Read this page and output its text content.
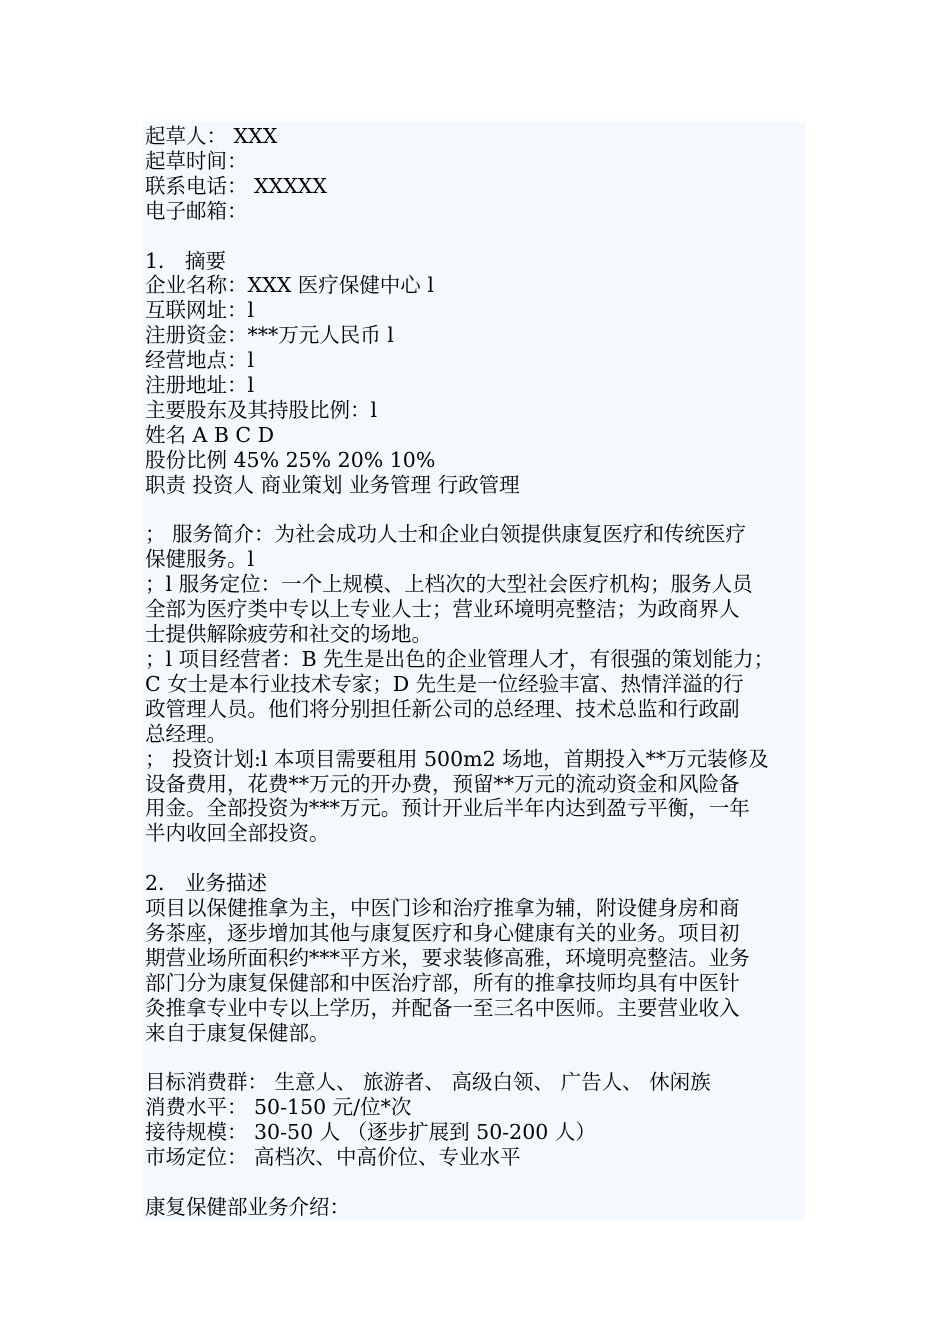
起草人： XXX
起草时间：
联系电话： XXXXX
电子邮箱：
1． 摘要
企业名称：XXX 医疗保健中心 l
互联网址：l
注册资金：***万元人民币 l
经营地点：l
注册地址：l
主要股东及其持股比例：l
姓名 A B C D
股份比例 45% 25% 20% 10%
职责 投资人 商业策划 业务管理 行政管理
； 服务简介：为社会成功人士和企业白领提供康复医疗和传统医疗
保健服务。l
；l 服务定位：一个上规模、上档次的大型社会医疗机构；服务人员
全部为医疗类中专以上专业人士；营业环境明亮整洁；为政商界人
士提供解除疲劳和社交的场地。
；l 项目经营者：B 先生是出色的企业管理人才，有很强的策划能力；
C 女士是本行业技术专家；D 先生是一位经验丰富、热情洋溢的行
政管理人员。他们将分别担任新公司的总经理、技术总监和行政副
总经理。
； 投资计划:l 本项目需要租用 500m2 场地，首期投入**万元装修及
设备费用，花费**万元的开办费，预留**万元的流动资金和风险备
用金。全部投资为***万元。预计开业后半年内达到盈亏平衡，一年
半内收回全部投资。
2． 业务描述
项目以保健推拿为主，中医门诊和治疗推拿为辅，附设健身房和商
务茶座，逐步增加其他与康复医疗和身心健康有关的业务。项目初
期营业场所面积约***平方米，要求装修高雅，环境明亮整洁。业务
部门分为康复保健部和中医治疗部，所有的推拿技师均具有中医针
灸推拿专业中专以上学历，并配备一至三名中医师。主要营业收入
来自于康复保健部。
目标消费群： 生意人、 旅游者、 高级白领、 广告人、 休闲族
消费水平： 50-150 元/位*次
接待规模： 30-50 人 （逐步扩展到 50-200 人）
市场定位： 高档次、中高价位、专业水平
康复保健部业务介绍：
